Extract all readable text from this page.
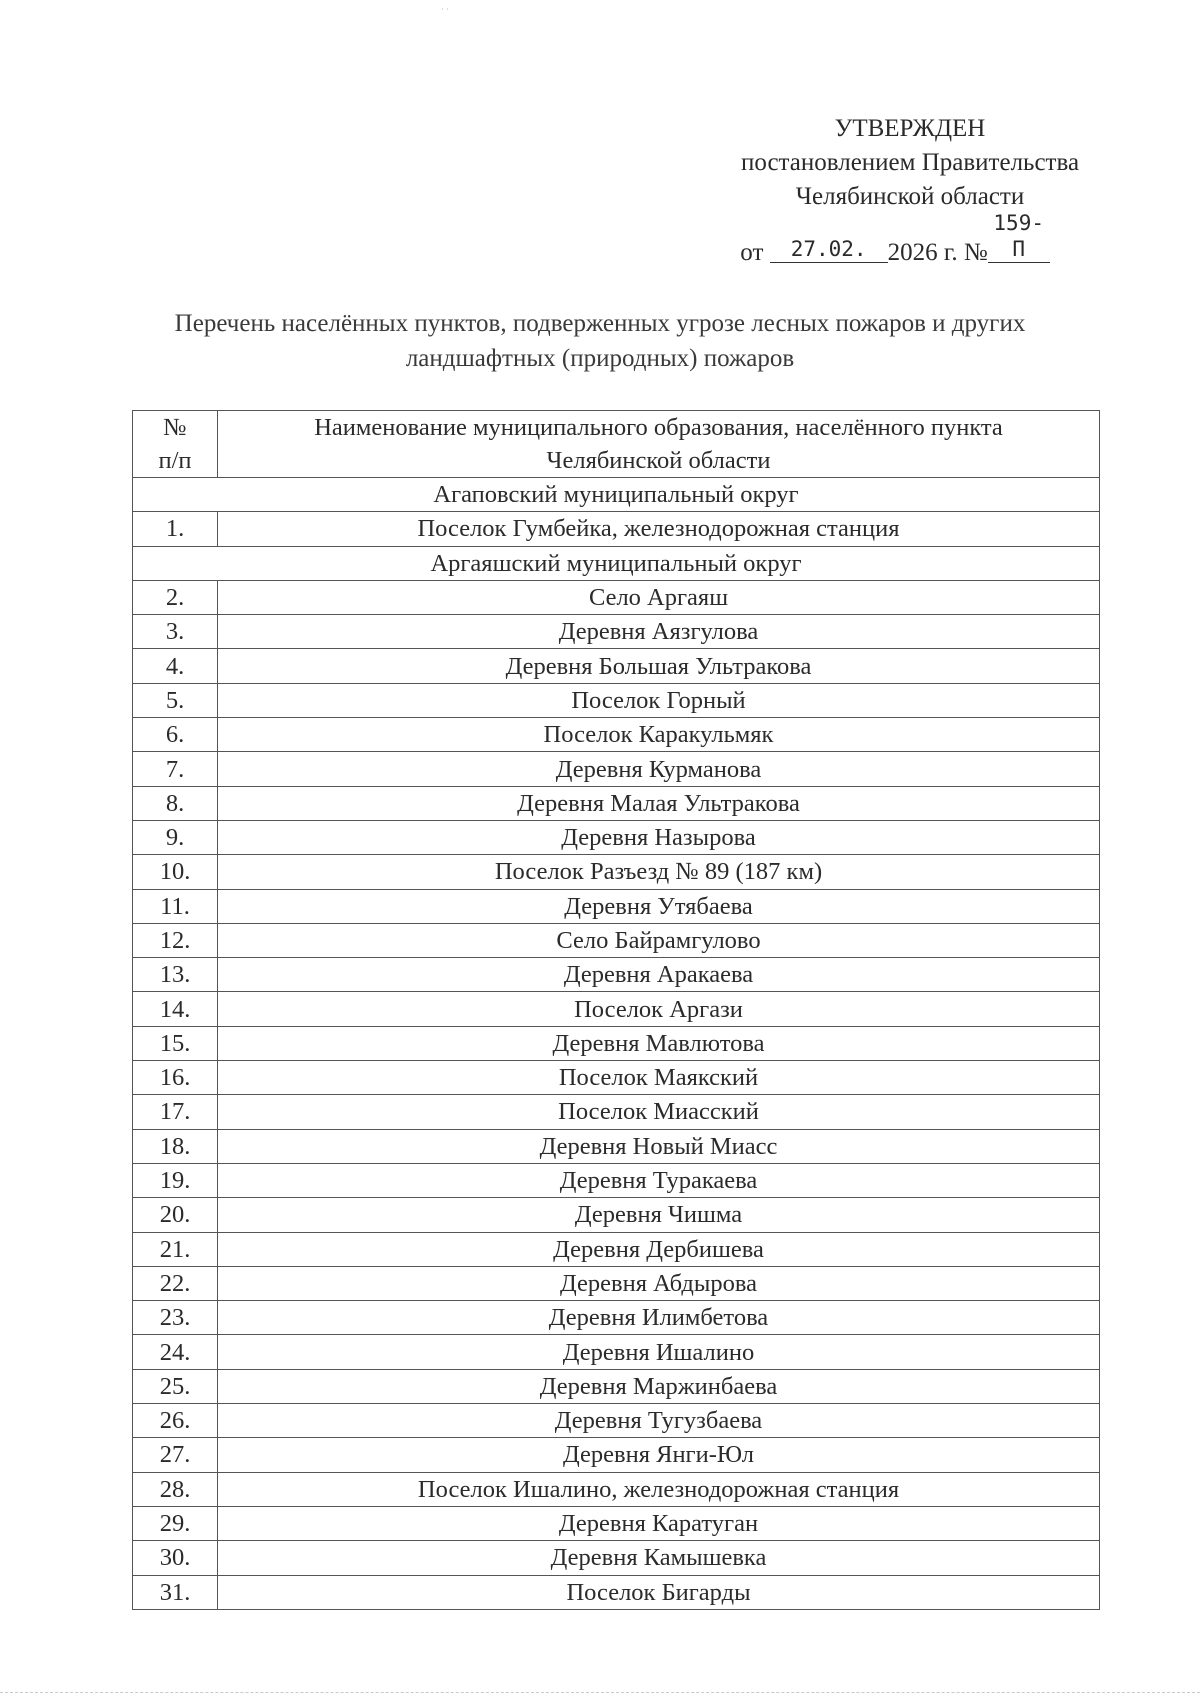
˙˙
УТВЕРЖДЕН
постановлением Правительства
Челябинской области
от 27.02. 2026 г. №159-П
Перечень населённых пунктов, подверженных угрозе лесных пожаров и других
ландшафтных (природных) пожаров
№
п/п	Наименование муниципального образования, населённого пункта
Челябинской области

Агаповский муниципальный округ	
1.	Поселок Гумбейка, железнодорожная станция
Аргаяшский муниципальный округ	
2.	Село Аргаяш
3.	Деревня Аязгулова
4.	Деревня Большая Ультракова
5.	Поселок Горный
6.	Поселок Каракульмяк
7.	Деревня Курманова
8.	Деревня Малая Ультракова
9.	Деревня Назырова
10.	Поселок Разъезд № 89 (187 км)
11.	Деревня Утябаева
12.	Село Байрамгулово
13.	Деревня Аракаева
14.	Поселок Аргази
15.	Деревня Мавлютова
16.	Поселок Маякский
17.	Поселок Миасский
18.	Деревня Новый Миасс
19.	Деревня Туракаева
20.	Деревня Чишма
21.	Деревня Дербишева
22.	Деревня Абдырова
23.	Деревня Илимбетова
24.	Деревня Ишалино
25.	Деревня Маржинбаева
26.	Деревня Тугузбаева
27.	Деревня Янги-Юл
28.	Поселок Ишалино, железнодорожная станция
29.	Деревня Каратуган
30.	Деревня Камышевка
31.	Поселок Бигарды
